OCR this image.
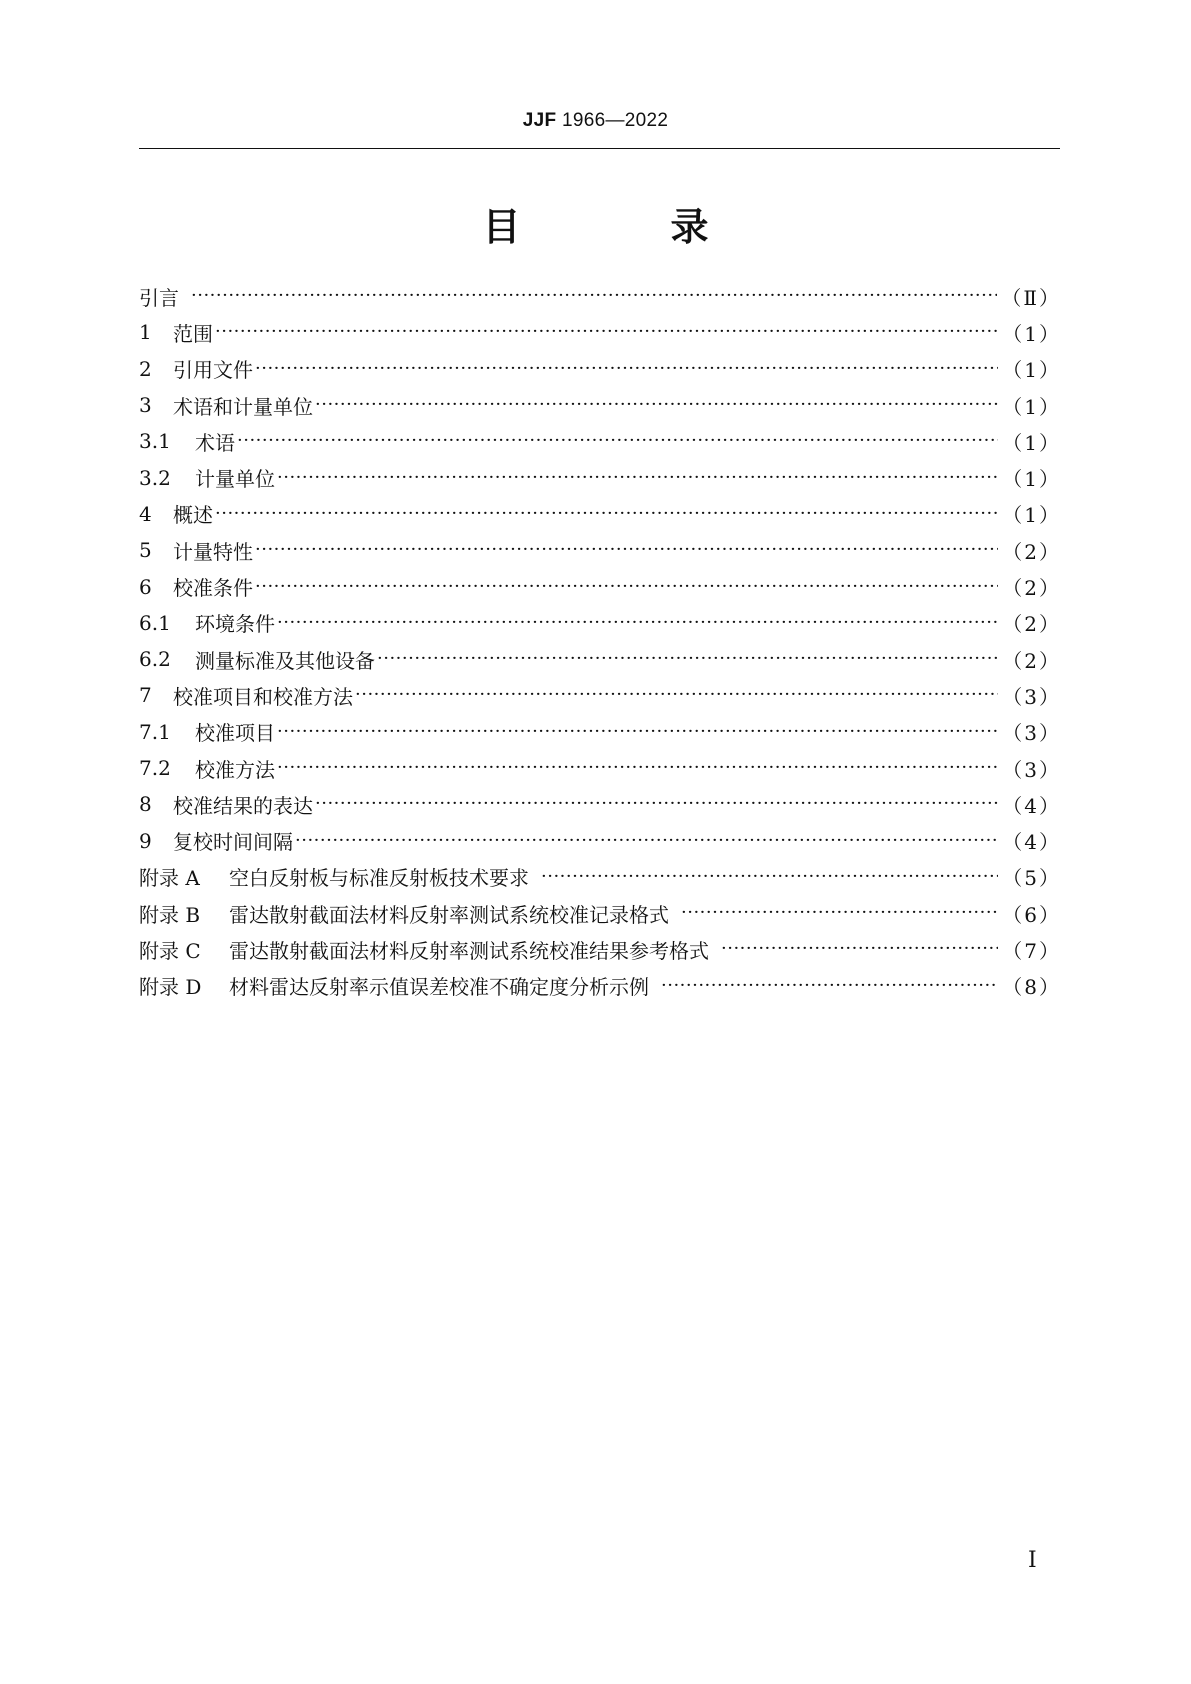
JJF 1966—2022
目　录
引言 ·····	（Ⅱ）
1	范围 ·····	（1）
2	引用文件 ·····	（1）
3	术语和计量单位 ·····	（1）
3.1	术语 ·····	（1）
3.2	计量单位 ·····	（1）
4	概述 ·····	（1）
5	计量特性 ·····	（2）
6	校准条件 ·····	（2）
6.1	环境条件 ·····	（2）
6.2	测量标准及其他设备 ·····	（2）
7	校准项目和校准方法 ·····	（3）
7.1	校准项目 ·····	（3）
7.2	校准方法 ·····	（3）
8	校准结果的表达 ·····	（4）
9	复校时间间隔 ·····	（4）
附录 A	空白反射板与标准反射板技术要求 ·····	（5）
附录 B	雷达散射截面法材料反射率测试系统校准记录格式 ·····	（6）
附录 C	雷达散射截面法材料反射率测试系统校准结果参考格式 ·····	（7）
附录 D	材料雷达反射率示值误差校准不确定度分析示例 ·····	（8）
Ⅰ
